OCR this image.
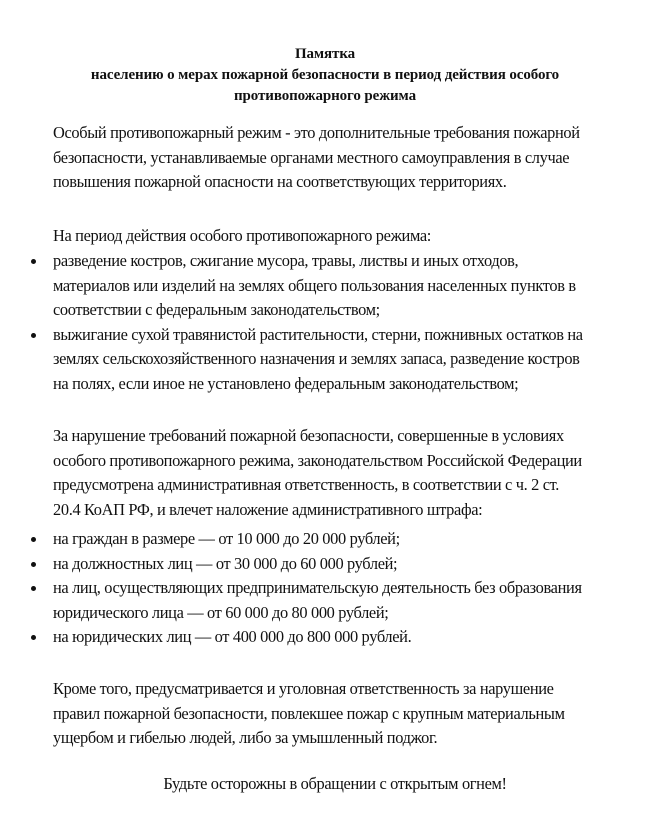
Памятка
населению о мерах пожарной безопасности в период действия особого
противопожарного режима
Особый противопожарный режим - это дополнительные требования пожарной
безопасности, устанавливаемые органами местного самоуправления в случае
повышения пожарной опасности на соответствующих территориях.
На период действия особого противопожарного режима:
разведение костров, сжигание мусора, травы, листвы и иных отходов,
материалов или изделий на землях общего пользования населенных пунктов в
соответствии с федеральным законодательством;
выжигание сухой травянистой растительности, стерни, пожнивных остатков на
землях сельскохозяйственного назначения и землях запаса, разведение костров
на полях, если иное не установлено федеральным законодательством;
За нарушение требований пожарной безопасности, совершенные в условиях
особого противопожарного режима, законодательством Российской Федерации
предусмотрена административная ответственность, в соответствии с ч. 2 ст.
20.4 КоАП РФ, и влечет наложение административного штрафа:
на граждан в размере — от 10 000 до 20 000 рублей;
на должностных лиц — от 30 000 до 60 000 рублей;
на лиц, осуществляющих предпринимательскую деятельность без образования
юридического лица — от 60 000 до 80 000 рублей;
на юридических лиц — от 400 000 до 800 000 рублей.
Кроме того, предусматривается и уголовная ответственность за нарушение
правил пожарной безопасности, повлекшее пожар с крупным материальным
ущербом и гибелью людей, либо за умышленный поджог.
Будьте осторожны в обращении с открытым огнем!
